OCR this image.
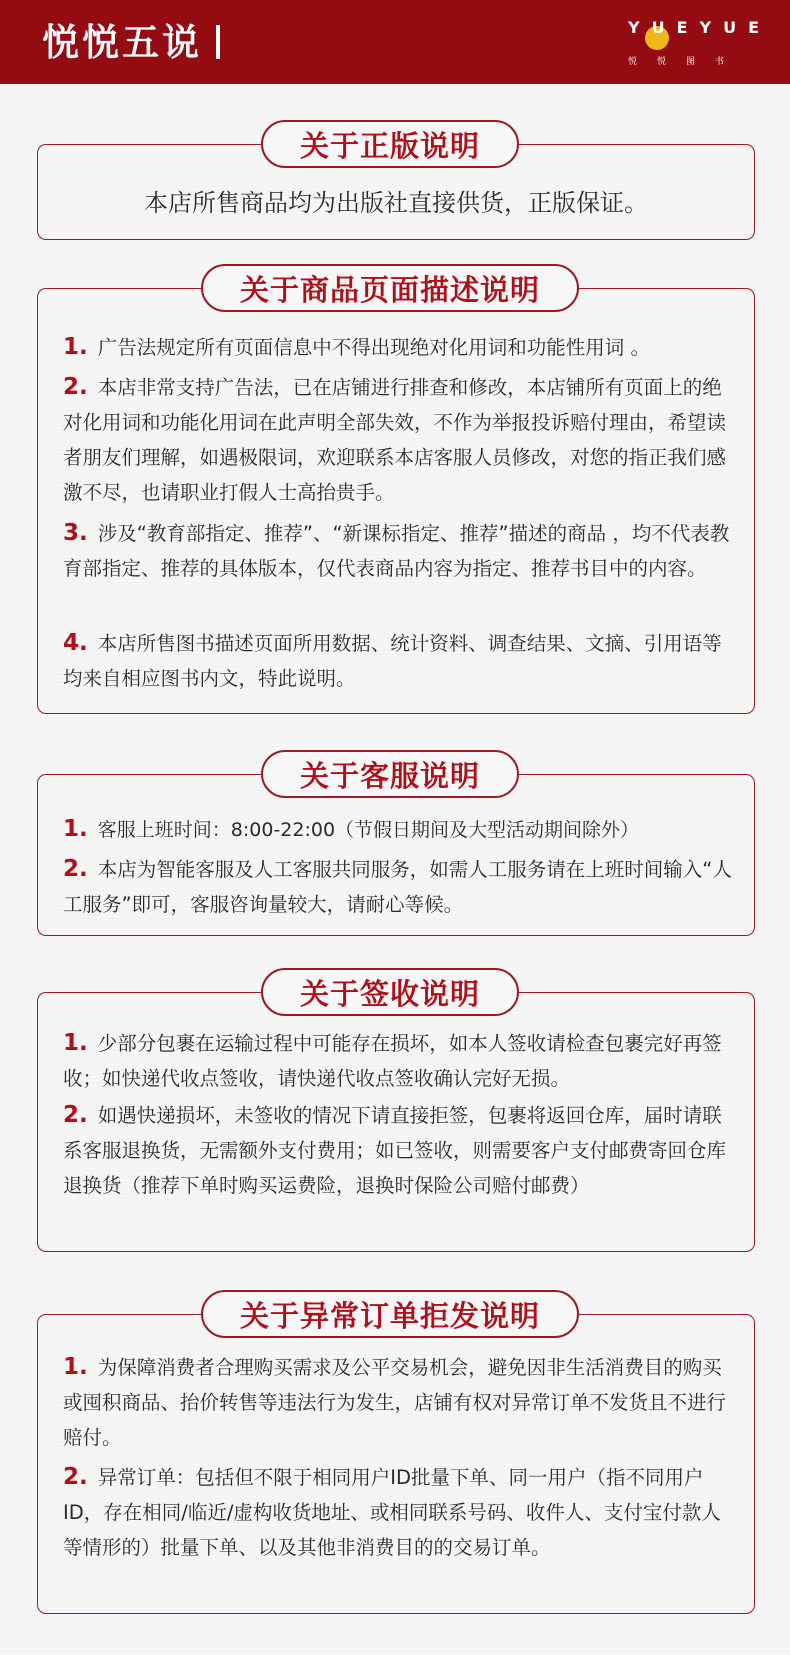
悦悦五说	YUEYUE
悦悦图书
关于正版说明
本店所售商品均为出版社直接供货，正版保证。
关于商品页面描述说明
1. 广告法规定所有页面信息中不得出现绝对化用词和功能性用词 。
2. 本店非常支持广告法，已在店铺进行排查和修改，本店铺所有页面上的绝对化用词和功能化用词在此声明全部失效，不作为举报投诉赔付理由，希望读者朋友们理解，如遇极限词，欢迎联系本店客服人员修改，对您的指正我们感激不尽，也请职业打假人士高抬贵手。
3. 涉及“教育部指定、推荐”、“新课标指定、推荐”描述的商品 ，均不代表教育部指定、推荐的具体版本，仅代表商品内容为指定、推荐书目中的内容。
4. 本店所售图书描述页面所用数据、统计资料、调查结果、文摘、引用语等均来自相应图书内文，特此说明。
关于客服说明
1. 客服上班时间：8:00-22:00（节假日期间及大型活动期间除外）
2. 本店为智能客服及人工客服共同服务，如需人工服务请在上班时间输入“人工服务”即可，客服咨询量较大，请耐心等候。
关于签收说明
1. 少部分包裹在运输过程中可能存在损坏，如本人签收请检查包裹完好再签收；如快递代收点签收，请快递代收点签收确认完好无损。
2. 如遇快递损坏，未签收的情况下请直接拒签，包裹将返回仓库，届时请联系客服退换货，无需额外支付费用；如已签收，则需要客户支付邮费寄回仓库退换货（推荐下单时购买运费险，退换时保险公司赔付邮费）
关于异常订单拒发说明
1. 为保障消费者合理购买需求及公平交易机会，避免因非生活消费目的购买或囤积商品、抬价转售等违法行为发生，店铺有权对异常订单不发货且不进行赔付。
2. 异常订单：包括但不限于相同用户ID批量下单、同一用户（指不同用户ID，存在相同/临近/虚构收货地址、或相同联系号码、收件人、支付宝付款人等情形的）批量下单、以及其他非消费目的的交易订单。
